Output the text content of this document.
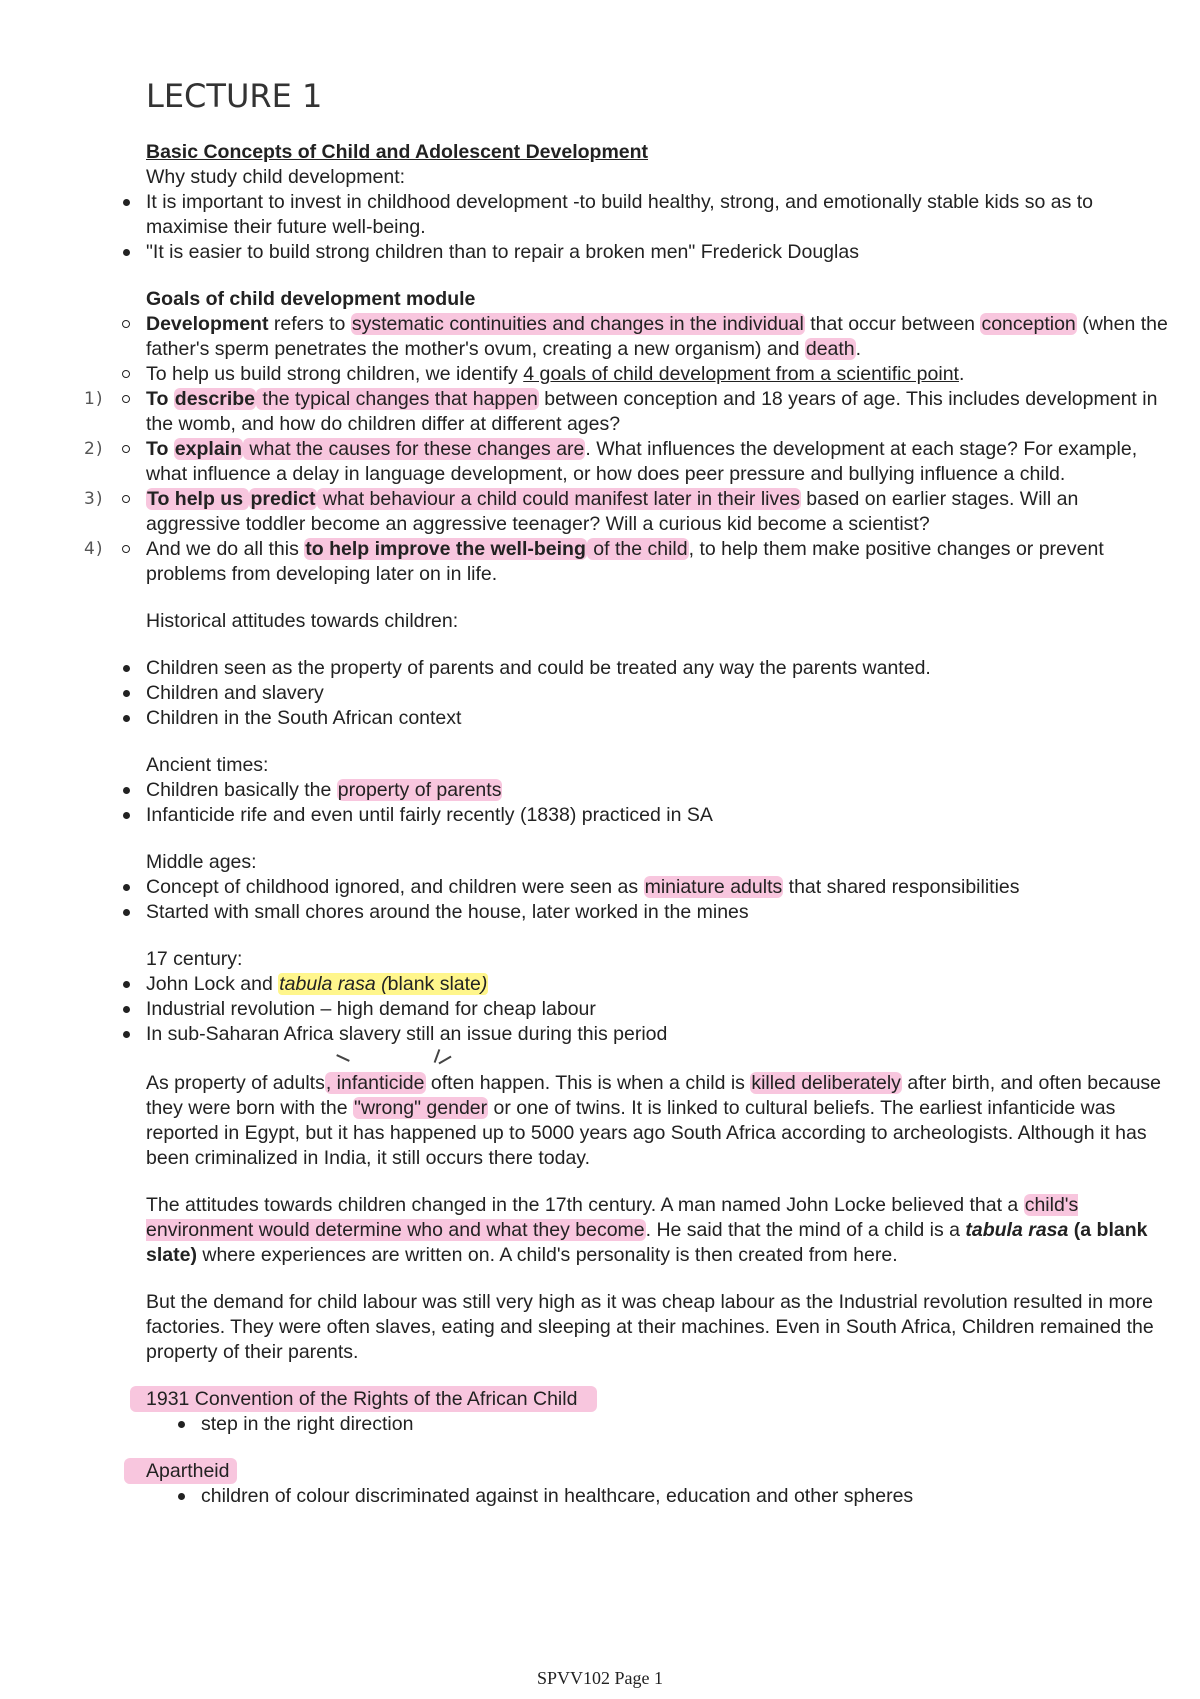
LECTURE 1
Basic Concepts of Child and Adolescent Development
Why study child development:
It is important to invest in childhood development -to build healthy, strong, and emotionally stable kids so as to maximise their future well-being.
"It is easier to build strong children than to repair a broken men" Frederick Douglas
Goals of child development module
Development refers to systematic continuities and changes in the individual that occur between conception (when the father's sperm penetrates the mother's ovum, creating a new organism) and death.
To help us build strong children, we identify 4 goals of child development from a scientific point.
1) To describe the typical changes that happen between conception and 18 years of age. This includes development in the womb, and how do children differ at different ages?
2) To explain what the causes for these changes are. What influences the development at each stage? For example, what influence a delay in language development, or how does peer pressure and bullying influence a child.
3) To help us predict what behaviour a child could manifest later in their lives based on earlier stages. Will an aggressive toddler become an aggressive teenager? Will a curious kid become a scientist?
4) And we do all this to help improve the well-being of the child, to help them make positive changes or prevent problems from developing later on in life.
Historical attitudes towards children:
Children seen as the property of parents and could be treated any way the parents wanted.
Children and slavery
Children in the South African context
Ancient times:
Children basically the property of parents
Infanticide rife and even until fairly recently (1838) practiced in SA
Middle ages:
Concept of childhood ignored, and children were seen as miniature adults that shared responsibilities
Started with small chores around the house, later worked in the mines
17 century:
John Lock and tabula rasa (blank slate)
Industrial revolution – high demand for cheap labour
In sub-Saharan Africa slavery still an issue during this period
As property of adults, infanticide often happen. This is when a child is killed deliberately after birth, and often because they were born with the "wrong" gender or one of twins. It is linked to cultural beliefs. The earliest infanticide was reported in Egypt, but it has happened up to 5000 years ago South Africa according to archeologists. Although it has been criminalized in India, it still occurs there today.
The attitudes towards children changed in the 17th century. A man named John Locke believed that a child's environment would determine who and what they become. He said that the mind of a child is a tabula rasa (a blank slate) where experiences are written on. A child's personality is then created from here.
But the demand for child labour was still very high as it was cheap labour as the Industrial revolution resulted in more factories. They were often slaves, eating and sleeping at their machines. Even in South Africa, Children remained the property of their parents.
1931 Convention of the Rights of the African Child
step in the right direction
Apartheid
children of colour discriminated against in healthcare, education and other spheres
SPVV102 Page 1
